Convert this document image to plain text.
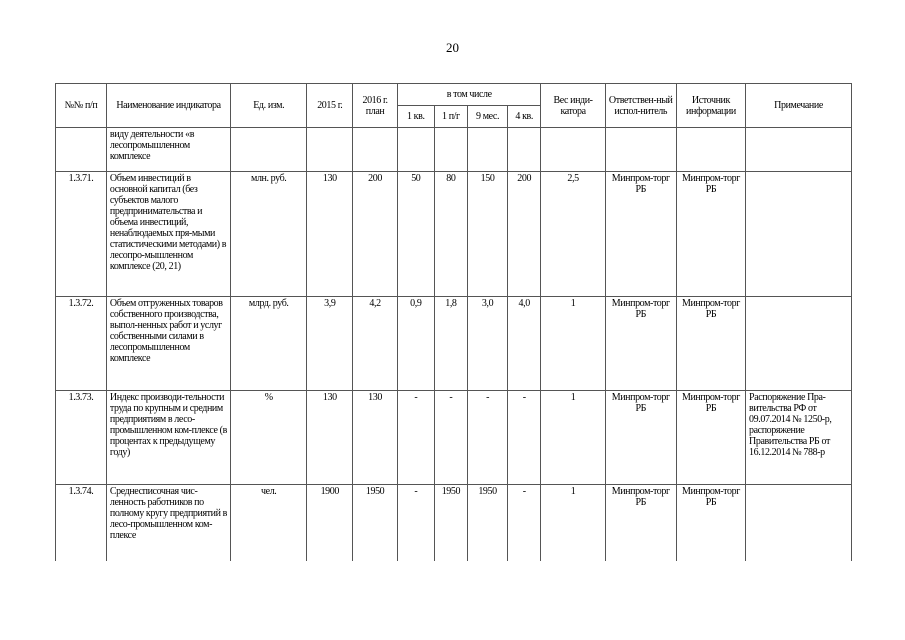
20
№№ п/п	Наименование индикатора	Ед. изм.	2015 г.	2016 г. план	в том числе				Вес инди-катора	Ответствен-ный испол-нитель	Источник информации	Примечание
					1 кв.	1 п/г	9 мес.	4 кв.				
	виду деятельности «в лесопромышленном комплексе											
1.3.71.	Объем инвестиций в основной капитал (без субъектов малого предпринимательства и объема инвестиций, ненаблюдаемых пря-мыми статистическими методами) в лесопро-мышленном комплексе (20, 21)	млн. руб.	130	200	50	80	150	200	2,5	Минпром-торг РБ	Минпром-торг РБ	
1.3.72.	Объем отгруженных товаров собственного производства, выпол-ненных работ и услуг собственными силами в лесопромышленном комплексе	млрд. руб.	3,9	4,2	0,9	1,8	3,0	4,0	1	Минпром-торг РБ	Минпром-торг РБ	
1.3.73.	Индекс производи-тельности труда по крупным и средним предприятиям в лесо-промышленном ком-плексе (в процентах к предыдущему году)	%	130	130	-	-	-	-	1	Минпром-торг РБ	Минпром-торг РБ	Распоряжение Пра-вительства РФ от 09.07.2014 № 1250-р, распоряжение Правительства РБ от 16.12.2014 № 788-р
1.3.74.	Среднесписочная чис-ленность работников по полному кругу предприятий в лесо-промышленном ком-плексе	чел.	1900	1950	-	1950	1950	-	1	Минпром-торг РБ	Минпром-торг РБ	
